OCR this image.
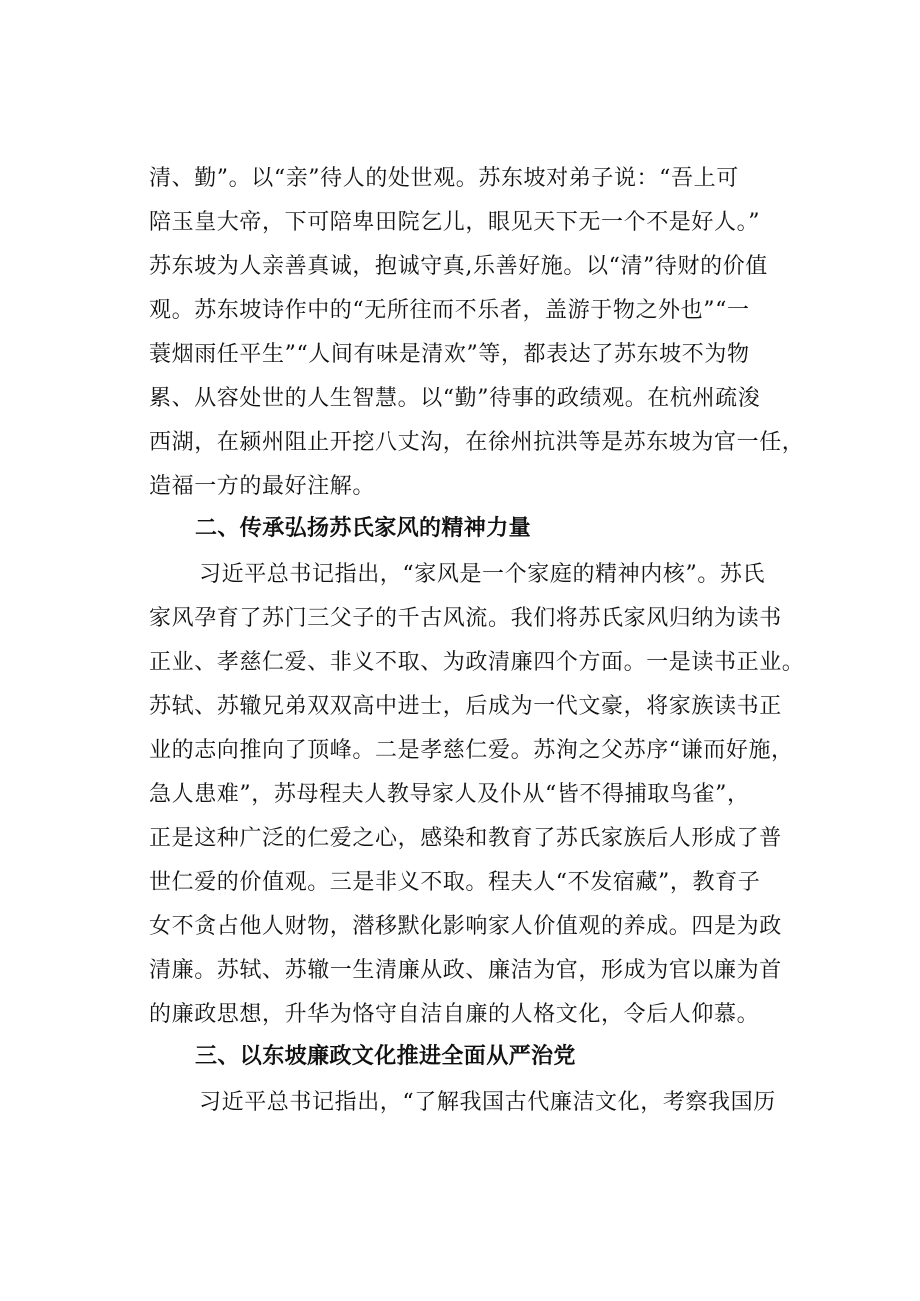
清、勤”。以“亲”待人的处世观。苏东坡对弟子说：“吾上可

陪玉皇大帝，下可陪卑田院乞儿，眼见天下无一个不是好人。”

苏东坡为人亲善真诚，抱诚守真,乐善好施。以“清”待财的价值

观。苏东坡诗作中的“无所往而不乐者，盖游于物之外也”“一

蓑烟雨任平生”“人间有味是清欢”等，都表达了苏东坡不为物

累、从容处世的人生智慧。以“勤”待事的政绩观。在杭州疏浚

西湖，在颍州阻止开挖八丈沟，在徐州抗洪等是苏东坡为官一任，

造福一方的最好注解。

二、传承弘扬苏氏家风的精神力量

习近平总书记指出，“家风是一个家庭的精神内核”。苏氏

家风孕育了苏门三父子的千古风流。我们将苏氏家风归纳为读书

正业、孝慈仁爱、非义不取、为政清廉四个方面。一是读书正业。

苏轼、苏辙兄弟双双高中进士，后成为一代文豪，将家族读书正

业的志向推向了顶峰。二是孝慈仁爱。苏洵之父苏序“谦而好施，

急人患难”，苏母程夫人教导家人及仆从“皆不得捕取鸟雀”，

正是这种广泛的仁爱之心，感染和教育了苏氏家族后人形成了普

世仁爱的价值观。三是非义不取。程夫人“不发宿藏”，教育子

女不贪占他人财物，潜移默化影响家人价值观的养成。四是为政

清廉。苏轼、苏辙一生清廉从政、廉洁为官，形成为官以廉为首

的廉政思想，升华为恪守自洁自廉的人格文化，令后人仰慕。

三、以东坡廉政文化推进全面从严治党

习近平总书记指出，“了解我国古代廉洁文化，考察我国历
